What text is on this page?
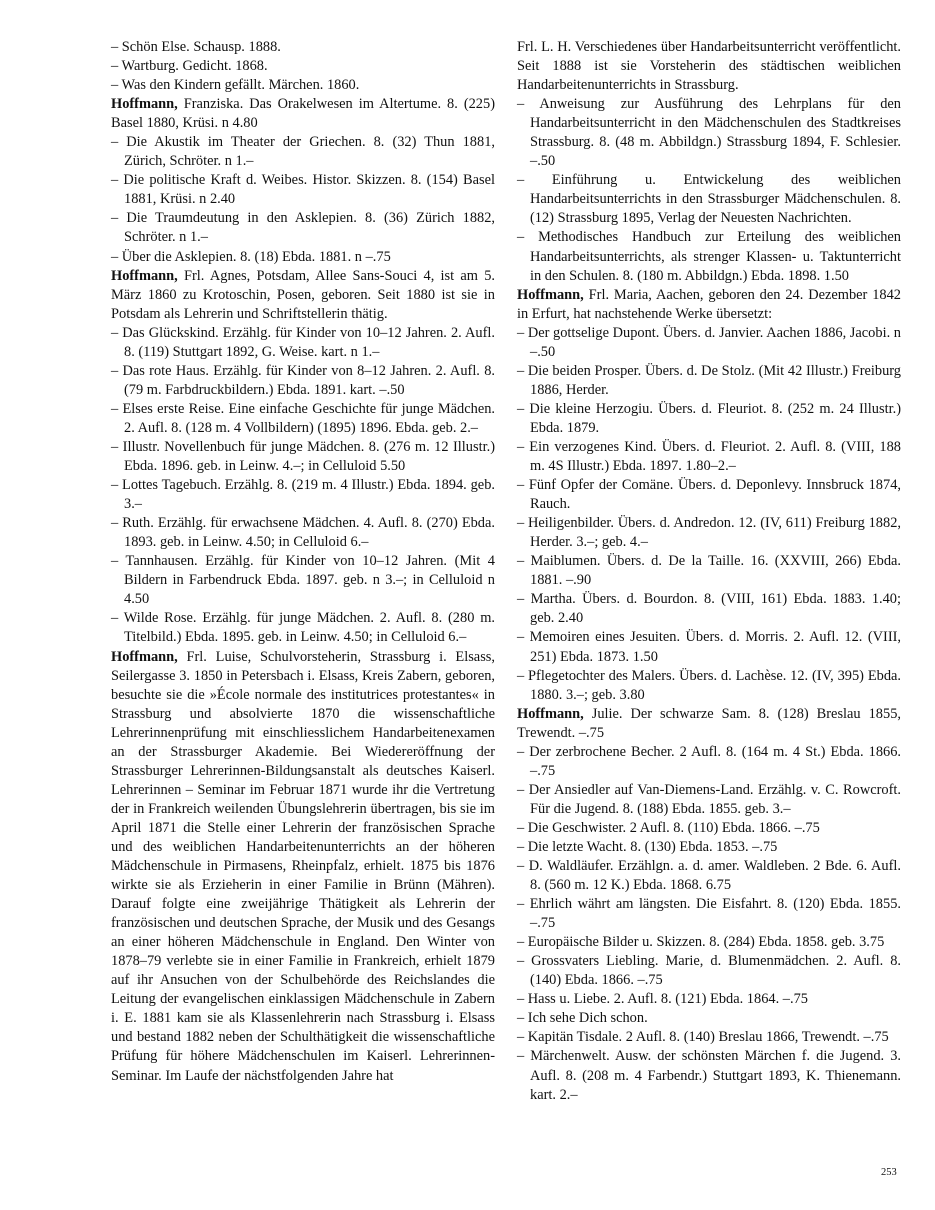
– Schön Else. Schausp. 1888.
– Wartburg. Gedicht. 1868.
– Was den Kindern gefällt. Märchen. 1860.
Hoffmann, Franziska. Das Orakelwesen im Altertume. 8. (225) Basel 1880, Krüsi. n 4.80
– Die Akustik im Theater der Griechen. 8. (32) Thun 1881, Zürich, Schröter. n 1.–
– Die politische Kraft d. Weibes. Histor. Skizzen. 8. (154) Basel 1881, Krüsi. n 2.40
– Die Traumdeutung in den Asklepien. 8. (36) Zürich 1882, Schröter. n 1.–
– Über die Asklepien. 8. (18) Ebda. 1881. n –.75
Hoffmann, Frl. Agnes, Potsdam, Allee Sans-Souci 4, ist am 5. März 1860 zu Krotoschin, Posen, geboren. Seit 1880 ist sie in Potsdam als Lehrerin und Schriftstellerin thätig.
– Das Glückskind. Erzählg. für Kinder von 10–12 Jahren. 2. Aufl. 8. (119) Stuttgart 1892, G. Weise. kart. n 1.–
– Das rote Haus. Erzählg. für Kinder von 8–12 Jahren. 2. Aufl. 8. (79 m. Farbdruckbildern.) Ebda. 1891. kart. –.50
– Elses erste Reise. Eine einfache Geschichte für junge Mädchen. 2. Aufl. 8. (128 m. 4 Vollbildern) (1895) 1896. Ebda. geb. 2.–
– Illustr. Novellenbuch für junge Mädchen. 8. (276 m. 12 Illustr.) Ebda. 1896. geb. in Leinw. 4.–; in Celluloid 5.50
– Lottes Tagebuch. Erzählg. 8. (219 m. 4 Illustr.) Ebda. 1894. geb. 3.–
– Ruth. Erzählg. für erwachsene Mädchen. 4. Aufl. 8. (270) Ebda. 1893. geb. in Leinw. 4.50; in Celluloid 6.–
– Tannhausen. Erzählg. für Kinder von 10–12 Jahren. (Mit 4 Bildern in Farbendruck Ebda. 1897. geb. n 3.–; in Celluloid n 4.50
– Wilde Rose. Erzählg. für junge Mädchen. 2. Aufl. 8. (280 m. Titelbild.) Ebda. 1895. geb. in Leinw. 4.50; in Celluloid 6.–
Hoffmann, Frl. Luise, Schulvorsteherin, Strassburg i. Elsass, Seilergasse 3. 1850 in Petersbach i. Elsass, Kreis Zabern, geboren, besuchte sie die »École normale des institutrices protestantes« in Strassburg und absolvierte 1870 die wissenschaftliche Lehrerinnenprüfung mit einschliesslichem Handarbeitenexamen an der Strassburger Akademie. Bei Wiedereröffnung der Strassburger Lehrerinnen-Bildungsanstalt als deutsches Kaiserl. Lehrerinnen – Seminar im Februar 1871 wurde ihr die Vertretung der in Frankreich weilenden Übungslehrerin übertragen, bis sie im April 1871 die Stelle einer Lehrerin der französischen Sprache und des weiblichen Handarbeitenunterrichts an der höheren Mädchenschule in Pirmasens, Rheinpfalz, erhielt. 1875 bis 1876 wirkte sie als Erzieherin in einer Familie in Brünn (Mähren). Darauf folgte eine zweijährige Thätigkeit als Lehrerin der französischen und deutschen Sprache, der Musik und des Gesangs an einer höheren Mädchenschule in England. Den Winter von 1878–79 verlebte sie in einer Familie in Frankreich, erhielt 1879 auf ihr Ansuchen von der Schulbehörde des Reichslandes die Leitung der evangelischen einklassigen Mädchenschule in Zabern i. E. 1881 kam sie als Klassenlehrerin nach Strassburg i. Elsass und bestand 1882 neben der Schulthätigkeit die wissenschaftliche Prüfung für höhere Mädchenschulen im Kaiserl. Lehrerinnen-Seminar. Im Laufe der nächstfolgenden Jahre hat
Frl. L. H. Verschiedenes über Handarbeitsunterricht veröffentlicht. Seit 1888 ist sie Vorsteherin des städtischen weiblichen Handarbeitenunterrichts in Strassburg.
– Anweisung zur Ausführung des Lehrplans für den Handarbeitsunterricht in den Mädchenschulen des Stadtkreises Strassburg. 8. (48 m. Abbildgn.) Strassburg 1894, F. Schlesier. –.50
– Einführung u. Entwickelung des weiblichen Handarbeitsunterrichts in den Strassburger Mädchenschulen. 8. (12) Strassburg 1895, Verlag der Neuesten Nachrichten.
– Methodisches Handbuch zur Erteilung des weiblichen Handarbeitsunterrichts, als strenger Klassen- u. Taktunterricht in den Schulen. 8. (180 m. Abbildgn.) Ebda. 1898. 1.50
Hoffmann, Frl. Maria, Aachen, geboren den 24. Dezember 1842 in Erfurt, hat nachstehende Werke übersetzt:
– Der gottselige Dupont. Übers. d. Janvier. Aachen 1886, Jacobi. n –.50
– Die beiden Prosper. Übers. d. De Stolz. (Mit 42 Illustr.) Freiburg 1886, Herder.
– Die kleine Herzogiu. Übers. d. Fleuriot. 8. (252 m. 24 Illustr.) Ebda. 1879.
– Ein verzogenes Kind. Übers. d. Fleuriot. 2. Aufl. 8. (VIII, 188 m. 4S Illustr.) Ebda. 1897. 1.80–2.–
– Fünf Opfer der Comäne. Übers. d. Deponlevy. Innsbruck 1874, Rauch.
– Heiligenbilder. Übers. d. Andredon. 12. (IV, 611) Freiburg 1882, Herder. 3.–; geb. 4.–
– Maiblumen. Übers. d. De la Taille. 16. (XXVIII, 266) Ebda. 1881. –.90
– Martha. Übers. d. Bourdon. 8. (VIII, 161) Ebda. 1883. 1.40; geb. 2.40
– Memoiren eines Jesuiten. Übers. d. Morris. 2. Aufl. 12. (VIII, 251) Ebda. 1873. 1.50
– Pflegetochter des Malers. Übers. d. Lachèse. 12. (IV, 395) Ebda. 1880. 3.–; geb. 3.80
Hoffmann, Julie. Der schwarze Sam. 8. (128) Breslau 1855, Trewendt. –.75
– Der zerbrochene Becher. 2 Aufl. 8. (164 m. 4 St.) Ebda. 1866. –.75
– Der Ansiedler auf Van-Diemens-Land. Erzählg. v. C. Rowcroft. Für die Jugend. 8. (188) Ebda. 1855. geb. 3.–
– Die Geschwister. 2 Aufl. 8. (110) Ebda. 1866. –.75
– Die letzte Wacht. 8. (130) Ebda. 1853. –.75
– D. Waldläufer. Erzählgn. a. d. amer. Waldleben. 2 Bde. 6. Aufl. 8. (560 m. 12 K.) Ebda. 1868. 6.75
– Ehrlich währt am längsten. Die Eisfahrt. 8. (120) Ebda. 1855. –.75
– Europäische Bilder u. Skizzen. 8. (284) Ebda. 1858. geb. 3.75
– Grossvaters Liebling. Marie, d. Blumenmädchen. 2. Aufl. 8. (140) Ebda. 1866. –.75
– Hass u. Liebe. 2. Aufl. 8. (121) Ebda. 1864. –.75
– Ich sehe Dich schon.
– Kapitän Tisdale. 2 Aufl. 8. (140) Breslau 1866, Trewendt. –.75
– Märchenwelt. Ausw. der schönsten Märchen f. die Jugend. 3. Aufl. 8. (208 m. 4 Farbendr.) Stuttgart 1893, K. Thienemann. kart. 2.–
253
